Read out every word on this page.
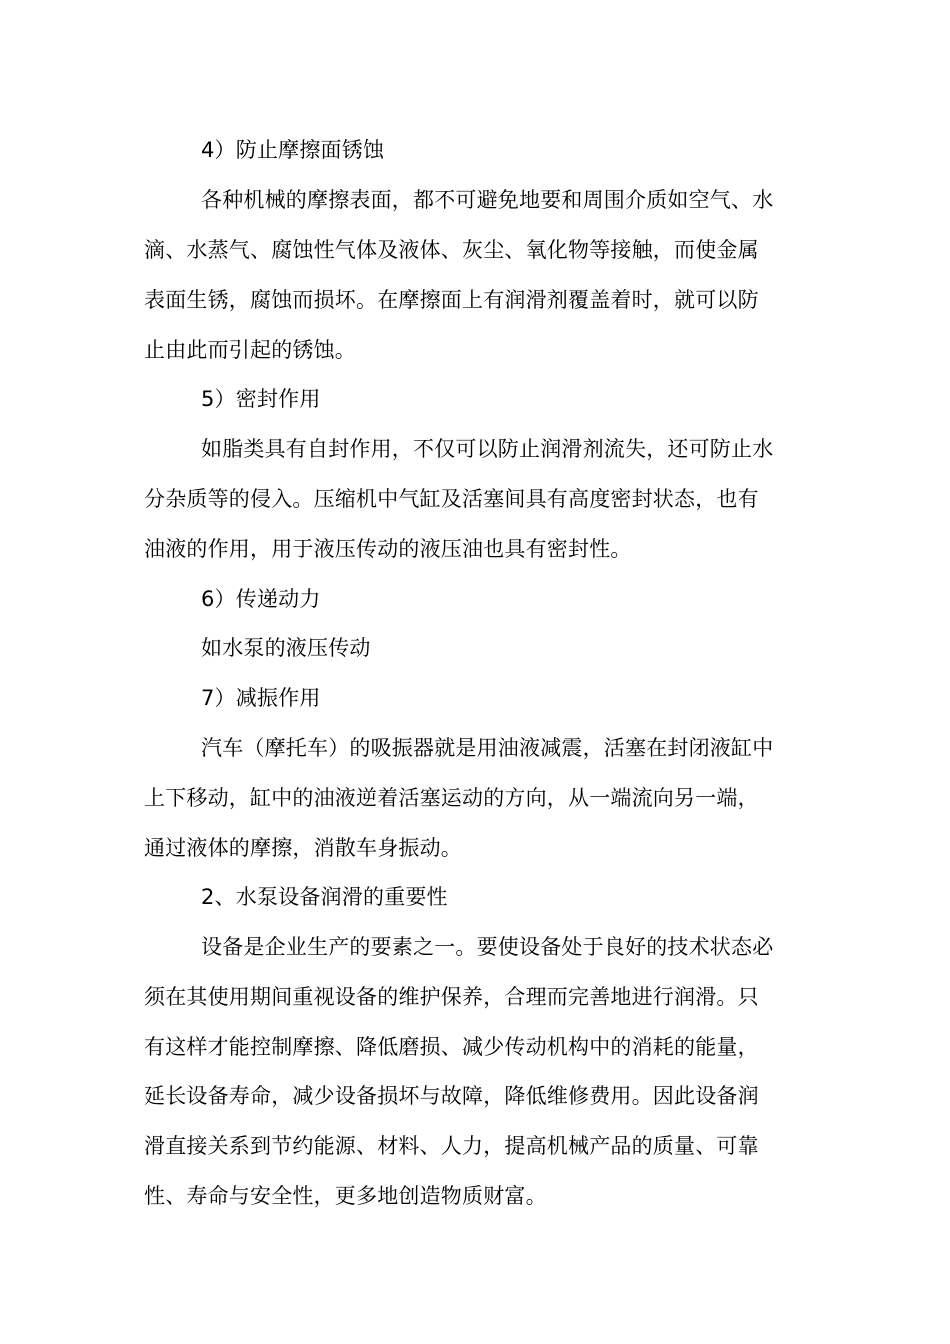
4）防止摩擦面锈蚀
各种机械的摩擦表面，都不可避免地要和周围介质如空气、水
滴、水蒸气、腐蚀性气体及液体、灰尘、氧化物等接触，而使金属
表面生锈，腐蚀而损坏。在摩擦面上有润滑剂覆盖着时，就可以防
止由此而引起的锈蚀。
5）密封作用
如脂类具有自封作用，不仅可以防止润滑剂流失，还可防止水
分杂质等的侵入。压缩机中气缸及活塞间具有高度密封状态，也有
油液的作用，用于液压传动的液压油也具有密封性。
6）传递动力
如水泵的液压传动
7）减振作用
汽车（摩托车）的吸振器就是用油液减震，活塞在封闭液缸中
上下移动，缸中的油液逆着活塞运动的方向，从一端流向另一端，
通过液体的摩擦，消散车身振动。
2、水泵设备润滑的重要性
设备是企业生产的要素之一。要使设备处于良好的技术状态必
须在其使用期间重视设备的维护保养，合理而完善地进行润滑。只
有这样才能控制摩擦、降低磨损、减少传动机构中的消耗的能量，
延长设备寿命，减少设备损坏与故障，降低维修费用。因此设备润
滑直接关系到节约能源、材料、人力，提高机械产品的质量、可靠
性、寿命与安全性，更多地创造物质财富。
